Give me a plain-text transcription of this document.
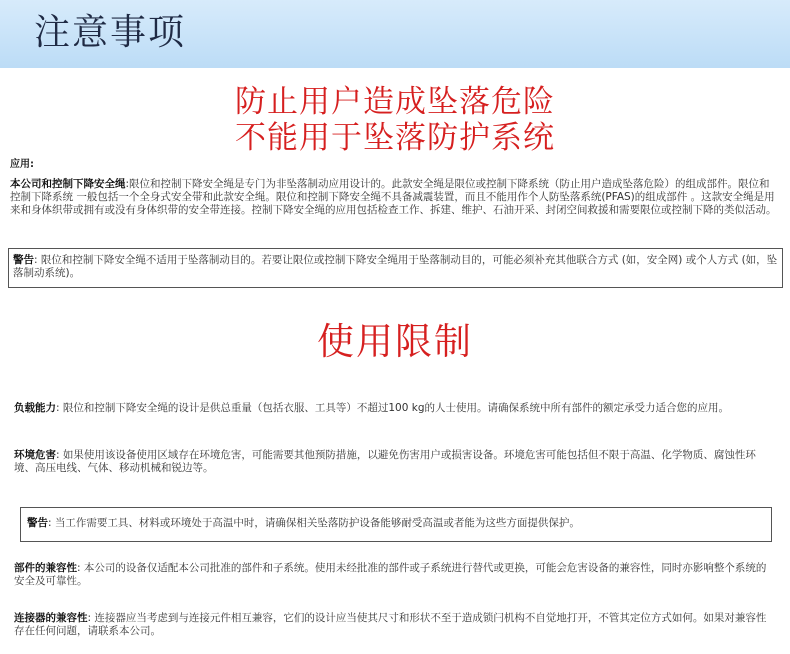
注意事项
防止用户造成坠落危险
不能用于坠落防护系统
应用:
本公司和控制下降安全绳:限位和控制下降安全绳是专门为非坠落制动应用设计的。此款安全绳是限位或控制下降系统（防止用户造成坠落危险）的组成部件。限位和控制下降系统 一般包括一个全身式安全带和此款安全绳。限位和控制下降安全绳不具备减震装置，而且不能用作个人防坠落系统(PFAS)的组成部件 。这款安全绳是用来和身体织带或拥有或没有身体织带的安全带连接。控制下降安全绳的应用包括检查工作、拆建、维护、石油开采、封闭空间救援和需要限位或控制下降的类似活动。
警告: 限位和控制下降安全绳不适用于坠落制动目的。若要让限位或控制下降安全绳用于坠落制动目的，可能必须补充其他联合方式 (如，安全网) 或个人方式 (如，坠落制动系统)。
使用限制
负载能力: 限位和控制下降安全绳的设计是供总重量（包括衣服、工具等）不超过100 kg的人士使用。请确保系统中所有部件的额定承受力适合您的应用。
环境危害: 如果使用该设备使用区域存在环境危害，可能需要其他预防措施，以避免伤害用户或损害设备。环境危害可能包括但不限于高温、化学物质、腐蚀性环境、高压电线、气体、移动机械和锐边等。
警告: 当工作需要工具、材料或环境处于高温中时，请确保相关坠落防护设备能够耐受高温或者能为这些方面提供保护。
部件的兼容性: 本公司的设备仅适配本公司批准的部件和子系统。使用未经批准的部件或子系统进行替代或更换，可能会危害设备的兼容性，同时亦影响整个系统的安全及可靠性。
连接器的兼容性: 连接器应当考虑到与连接元件相互兼容，它们的设计应当使其尺寸和形状不至于造成锁闩机构不自觉地打开，不管其定位方式如何。如果对兼容性存在任何问题，请联系本公司。
